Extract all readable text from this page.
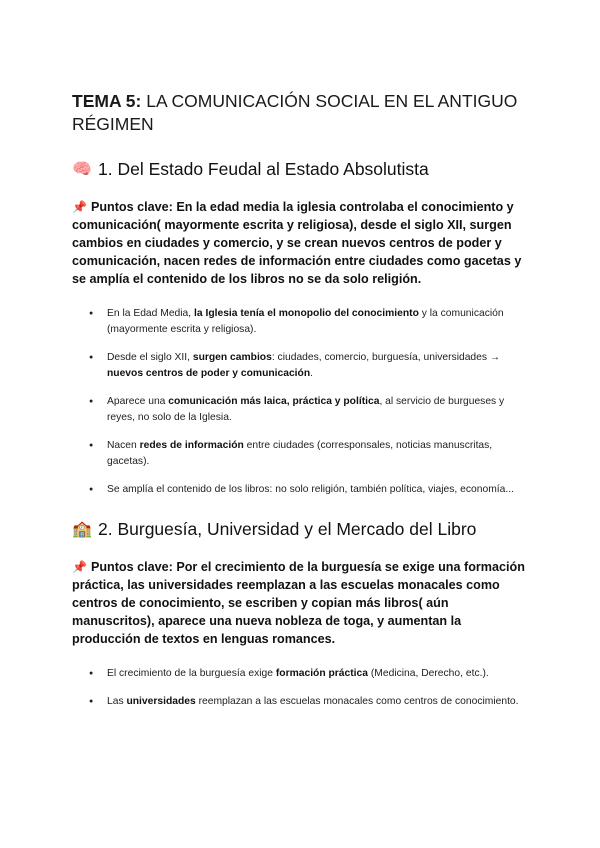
TEMA 5: LA COMUNICACIÓN SOCIAL EN EL ANTIGUO RÉGIMEN
🧠 1. Del Estado Feudal al Estado Absolutista

📌 Puntos clave: En la edad media la iglesia controlaba el conocimiento y comunicación( mayormente escrita y religiosa), desde el siglo XII, surgen cambios en ciudades y comercio, y se crean nuevos centros de poder y comunicación, nacen redes de información entre ciudades como gacetas y se amplía el contenido de los libros no se da solo religión.

● En la Edad Media, la Iglesia tenía el monopolio del conocimiento y la comunicación (mayormente escrita y religiosa).
● Desde el siglo XII, surgen cambios: ciudades, comercio, burguesía, universidades → nuevos centros de poder y comunicación.
● Aparece una comunicación más laica, práctica y política, al servicio de burgueses y reyes, no solo de la Iglesia.
● Nacen redes de información entre ciudades (corresponsales, noticias manuscritas, gacetas).
● Se amplía el contenido de los libros: no solo religión, también política, viajes, economía...
🏫 2. Burguesía, Universidad y el Mercado del Libro

📌 Puntos clave: Por el crecimiento de la burguesía se exige una formación práctica, las universidades reemplazan a las escuelas monacales como centros de conocimiento, se escriben y copian más libros( aún manuscritos), aparece una nueva nobleza de toga, y aumentan la producción de textos en lenguas romances.

● El crecimiento de la burguesía exige formación práctica (Medicina, Derecho, etc.).
● Las universidades reemplazan a las escuelas monacales como centros de conocimiento.
